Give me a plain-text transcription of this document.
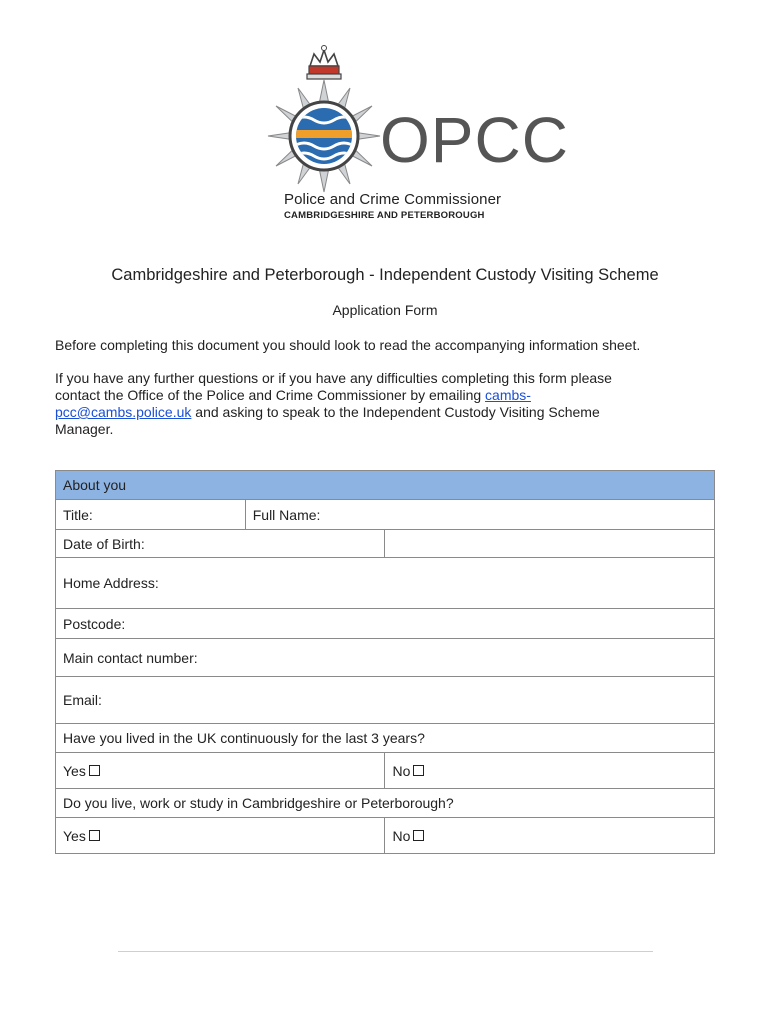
OPCC
Police and Crime Commissioner
CAMBRIDGESHIRE AND PETERBOROUGH
Cambridgeshire and Peterborough - Independent Custody Visiting Scheme
Application Form
Before completing this document you should look to read the accompanying information sheet.
If you have any further questions or if you have any difficulties completing this form please
contact the Office of the Police and Crime Commissioner by emailing cambs-
pcc@cambs.police.uk and asking to speak to the Independent Custody Visiting Scheme
Manager.
About you		
Title:	Full Name:	
Date of Birth:		
Home Address:		
Postcode:		
Main contact number:		
Email:		
Have you lived in the UK continuously for the last 3 years?		
Yes		No
Do you live, work or study in Cambridgeshire or Peterborough?		
Yes		No
